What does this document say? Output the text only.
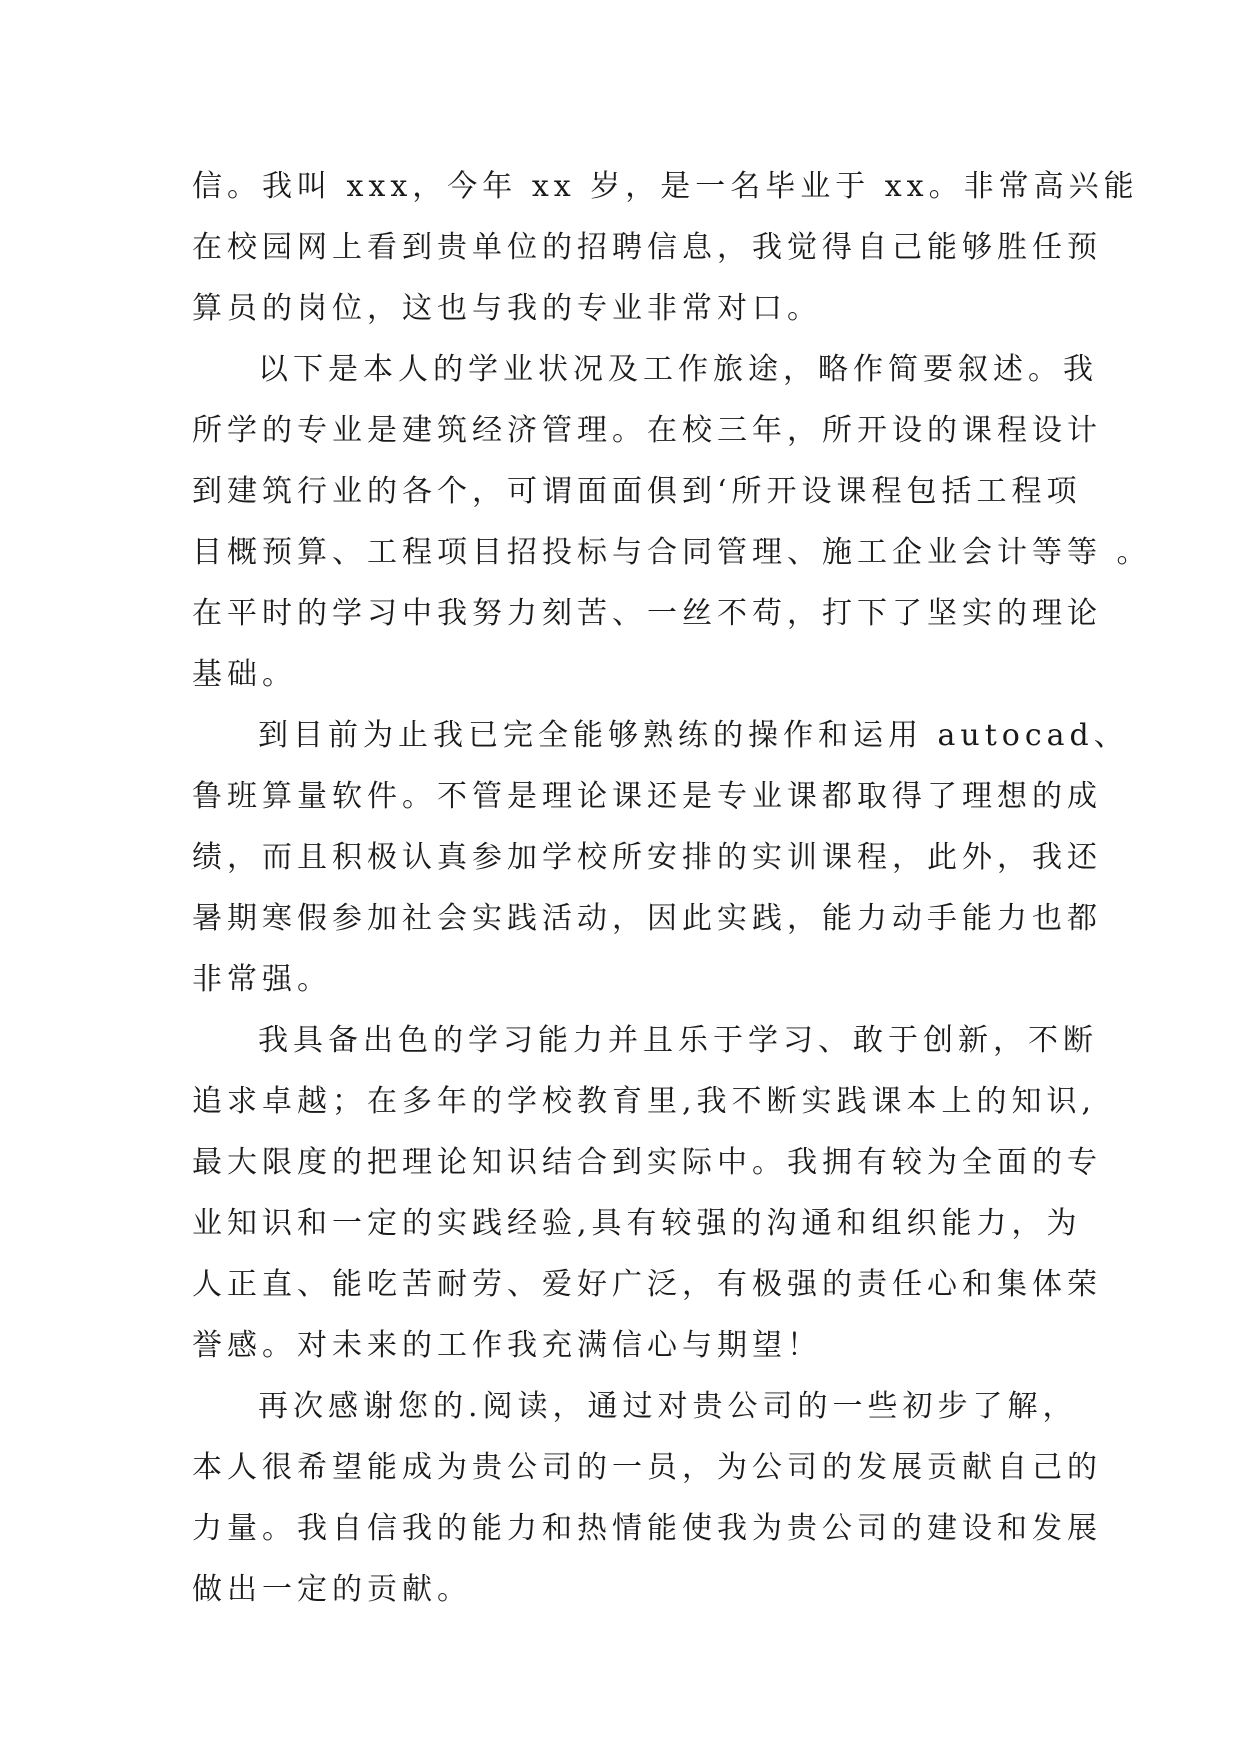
信。我叫 xxx，今年 xx 岁，是一名毕业于 xx。非常高兴能
在校园网上看到贵单位的招聘信息，我觉得自己能够胜任预
算员的岗位，这也与我的专业非常对口。
以下是本人的学业状况及工作旅途，略作简要叙述。我
所学的专业是建筑经济管理。在校三年，所开设的课程设计
到建筑行业的各个，可谓面面俱到‘所开设课程包括工程项
目概预算、工程项目招投标与合同管理、施工企业会计等等 。
在平时的学习中我努力刻苦、一丝不苟，打下了坚实的理论
基础。
到目前为止我已完全能够熟练的操作和运用 autocad、
鲁班算量软件。不管是理论课还是专业课都取得了理想的成
绩，而且积极认真参加学校所安排的实训课程，此外，我还
暑期寒假参加社会实践活动，因此实践，能力动手能力也都
非常强。
我具备出色的学习能力并且乐于学习、敢于创新，不断
追求卓越；在多年的学校教育里,我不断实践课本上的知识,
最大限度的把理论知识结合到实际中。我拥有较为全面的专
业知识和一定的实践经验,具有较强的沟通和组织能力，为
人正直、能吃苦耐劳、爱好广泛，有极强的责任心和集体荣
誉感。对未来的工作我充满信心与期望！
再次感谢您的.阅读，通过对贵公司的一些初步了解，
本人很希望能成为贵公司的一员，为公司的发展贡献自己的
力量。我自信我的能力和热情能使我为贵公司的建设和发展
做出一定的贡献。
